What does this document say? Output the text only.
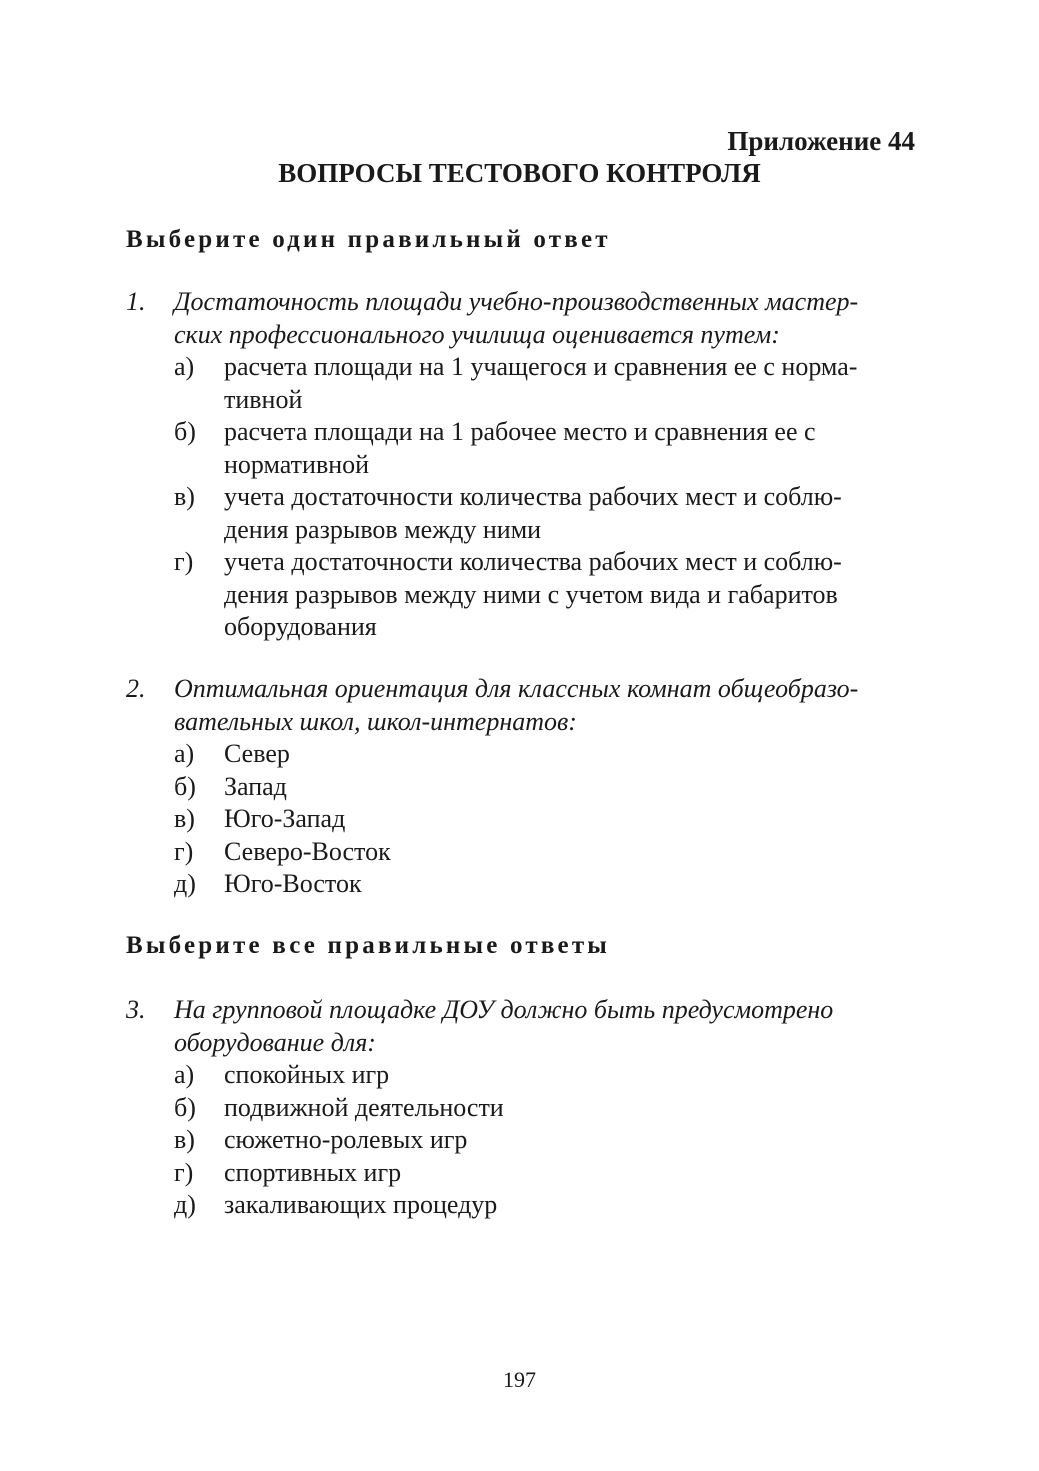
Приложение 44
ВОПРОСЫ ТЕСТОВОГО КОНТРОЛЯ
Выберите один правильный ответ
1.	Достаточность площади учебно-производственных мастер-
ских профессионального училища оценивается путем:
а)	расчета площади на 1 учащегося и сравнения ее с норма-
тивной
б)	расчета площади на 1 рабочее место и сравнения ее с
нормативной
в)	учета достаточности количества рабочих мест и соблю-
дения разрывов между ними
г)	учета достаточности количества рабочих мест и соблю-
дения разрывов между ними с учетом вида и габаритов
оборудования
2.	Оптимальная ориентация для классных комнат общеобразо-
вательных школ, школ-интернатов:
а)	Север
б)	Запад
в)	Юго-Запад
г)	Северо-Восток
д)	Юго-Восток
Выберите все правильные ответы
3.	На групповой площадке ДОУ должно быть предусмотрено
оборудование для:
а)	спокойных игр
б)	подвижной деятельности
в)	сюжетно-ролевых игр
г)	спортивных игр
д)	закаливающих процедур
197
